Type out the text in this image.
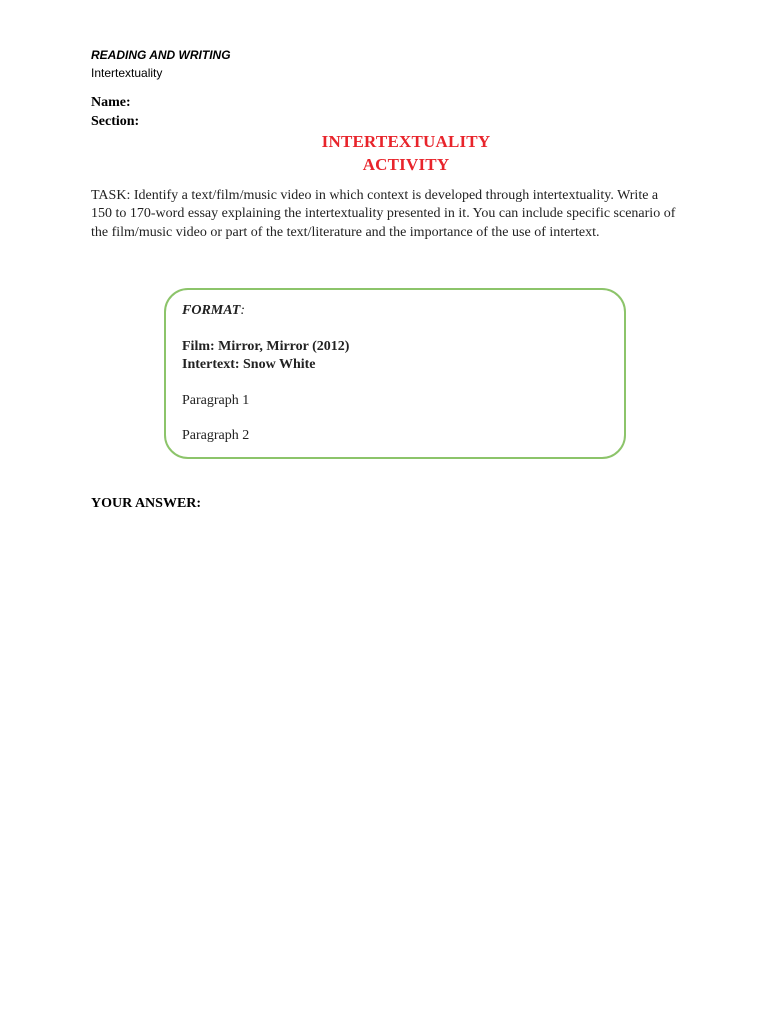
READING AND WRITING
Intertextuality
Name:
Section:
INTERTEXTUALITY
ACTIVITY
TASK: Identify a text/film/music video in which context is developed through intertextuality. Write a 150 to 170-word essay explaining the intertextuality presented in it. You can include specific scenario of the film/music video or part of the text/literature and the importance of the use of intertext.
FORMAT:
Film: Mirror, Mirror (2012)
Intertext: Snow White
Paragraph 1
Paragraph 2
YOUR ANSWER:
